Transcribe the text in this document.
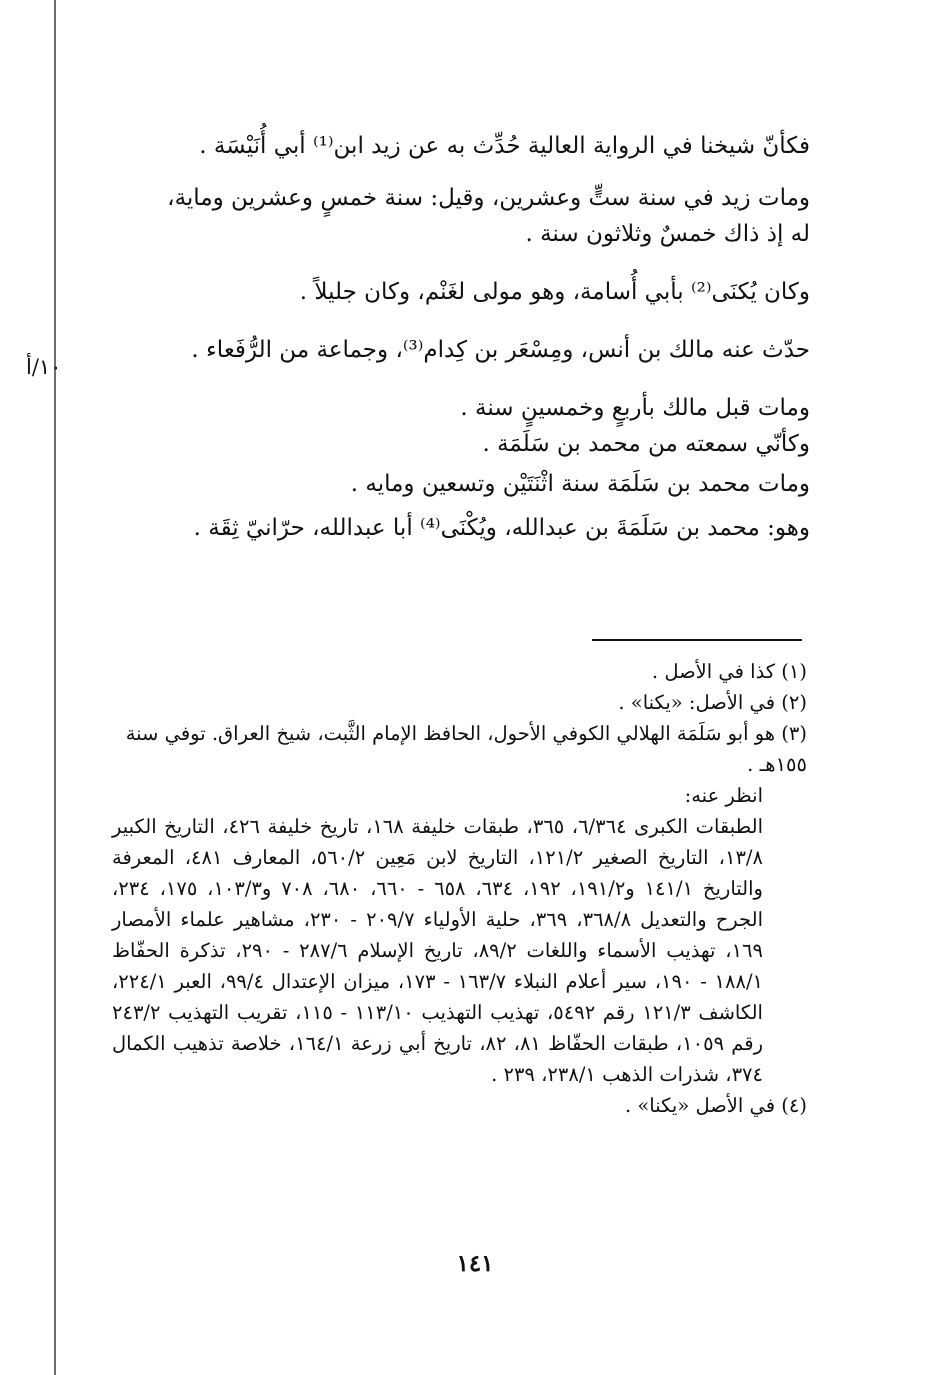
١٠/أ

فكأنّ شيخنا في الرواية العالية حُدِّث به عن زيد ابن⁽¹⁾ أبي أُنَيْسَة .

ومات زيد في سنة ستٍّ وعشرين، وقيل: سنة خمسٍ وعشرين وماية،

له إذ ذاك خمسٌ وثلاثون سنة .

وكان يُكنَى⁽²⁾ بأبي أُسامة، وهو مولى لغَنْم، وكان جليلاً .

حدّث عنه مالك بن أنس، ومِسْعَر بن كِدام⁽³⁾، وجماعة من الرُّفَعاء .

ومات قبل مالك بأربعٍ وخمسينٍ سنة .

وكأنّي سمعته من محمد بن سَلَمَة .

ومات محمد بن سَلَمَة سنة اثْنَتَيْن وتسعين ومايه .

وهو: محمد بن سَلَمَةَ بن عبدالله، ويُكْنَى⁽⁴⁾ أبا عبدالله، حرّانيّ ثِقَة .

(١) كذا في الأصل .

(٢) في الأصل: «يكنا» .

(٣) هو أبو سَلَمَة الهلالي الكوفي الأحول، الحافظ الإمام الثَّبت، شيخ العراق. توفي سنة ١٥٥هـ .

انظر عنه:

الطبقات الكبرى ٦/٣٦٤، ٣٦٥، طبقات خليفة ١٦٨، تاريخ خليفة ٤٢٦، التاريخ الكبير ١٣/٨، التاريخ الصغير ١٢١/٢، التاريخ لابن مَعِين ٥٦٠/٢، المعارف ٤٨١، المعرفة والتاريخ ١٤١/١ و١٩١/٢، ١٩٢، ٦٣٤، ٦٥٨ - ٦٦٠، ٦٨٠، ٧٠٨ و١٠٣/٣، ١٧٥، ٢٣٤، الجرح والتعديل ٣٦٨/٨، ٣٦٩، حلية الأولياء ٢٠٩/٧ - ٢٣٠، مشاهير علماء الأمصار ١٦٩، تهذيب الأسماء واللغات ٨٩/٢، تاريخ الإسلام ٢٨٧/٦ - ٢٩٠، تذكرة الحفّاظ ١٨٨/١ - ١٩٠، سير أعلام النبلاء ١٦٣/٧ - ١٧٣، ميزان الإعتدال ٩٩/٤، العبر ٢٢٤/١، الكاشف ١٢١/٣ رقم ٥٤٩٢، تهذيب التهذيب ١١٣/١٠ - ١١٥، تقريب التهذيب ٢٤٣/٢ رقم ١٠٥٩، طبقات الحفّاظ ٨١، ٨٢، تاريخ أبي زرعة ١٦٤/١، خلاصة تذهيب الكمال ٣٧٤، شذرات الذهب ٢٣٨/١، ٢٣٩ .

(٤) في الأصل «يكنا» .

١٤١
